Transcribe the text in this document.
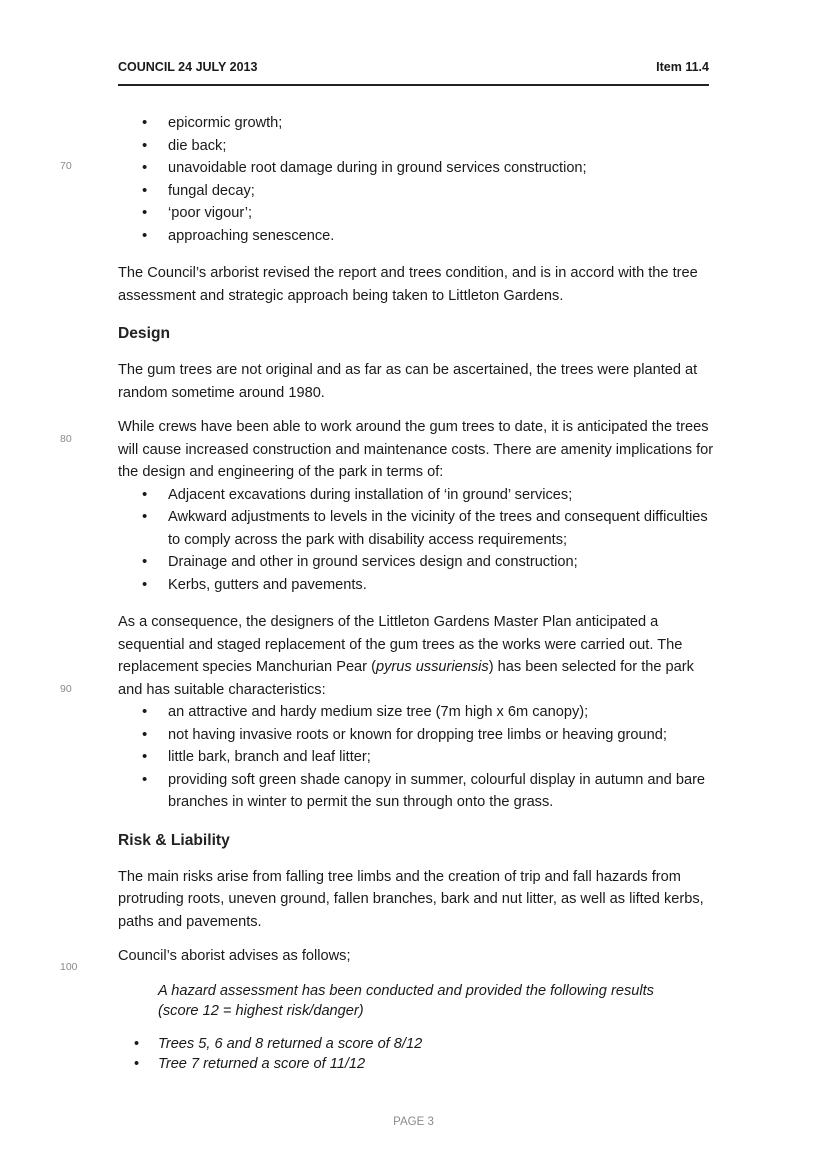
COUNCIL 24 JULY 2013	Item 11.4
70
80
90
100
• epicormic growth;
• die back;
• unavoidable root damage during in ground services construction;
• fungal decay;
• ‘poor vigour’;
• approaching senescence.

The Council’s arborist revised the report and trees condition, and is in accord with the tree assessment and strategic approach being taken to Littleton Gardens.

Design

The gum trees are not original and as far as can be ascertained, the trees were planted at random sometime around 1980.

While crews have been able to work around the gum trees to date, it is anticipated the trees will cause increased construction and maintenance costs. There are amenity implications for the design and engineering of the park in terms of:

• Adjacent excavations during installation of ‘in ground’ services;
• Awkward adjustments to levels in the vicinity of the trees and consequent difficulties to comply across the park with disability access requirements;
• Drainage and other in ground services design and construction;
• Kerbs, gutters and pavements.

As a consequence, the designers of the Littleton Gardens Master Plan anticipated a sequential and staged replacement of the gum trees as the works were carried out. The replacement species Manchurian Pear (pyrus ussuriensis) has been selected for the park and has suitable characteristics:

• an attractive and hardy medium size tree (7m high x 6m canopy);
• not having invasive roots or known for dropping tree limbs or heaving ground;
• little bark, branch and leaf litter;
• providing soft green shade canopy in summer, colourful display in autumn and bare branches in winter to permit the sun through onto the grass.
Risk & Liability

The main risks arise from falling tree limbs and the creation of trip and fall hazards from protruding roots, uneven ground, fallen branches, bark and nut litter, as well as lifted kerbs, paths and pavements.

Council’s aborist advises as follows;

A hazard assessment has been conducted and provided the following results (score 12 = highest risk/danger)

• Trees 5, 6 and 8 returned a score of 8/12
• Tree 7 returned a score of 11/12
PAGE 3
